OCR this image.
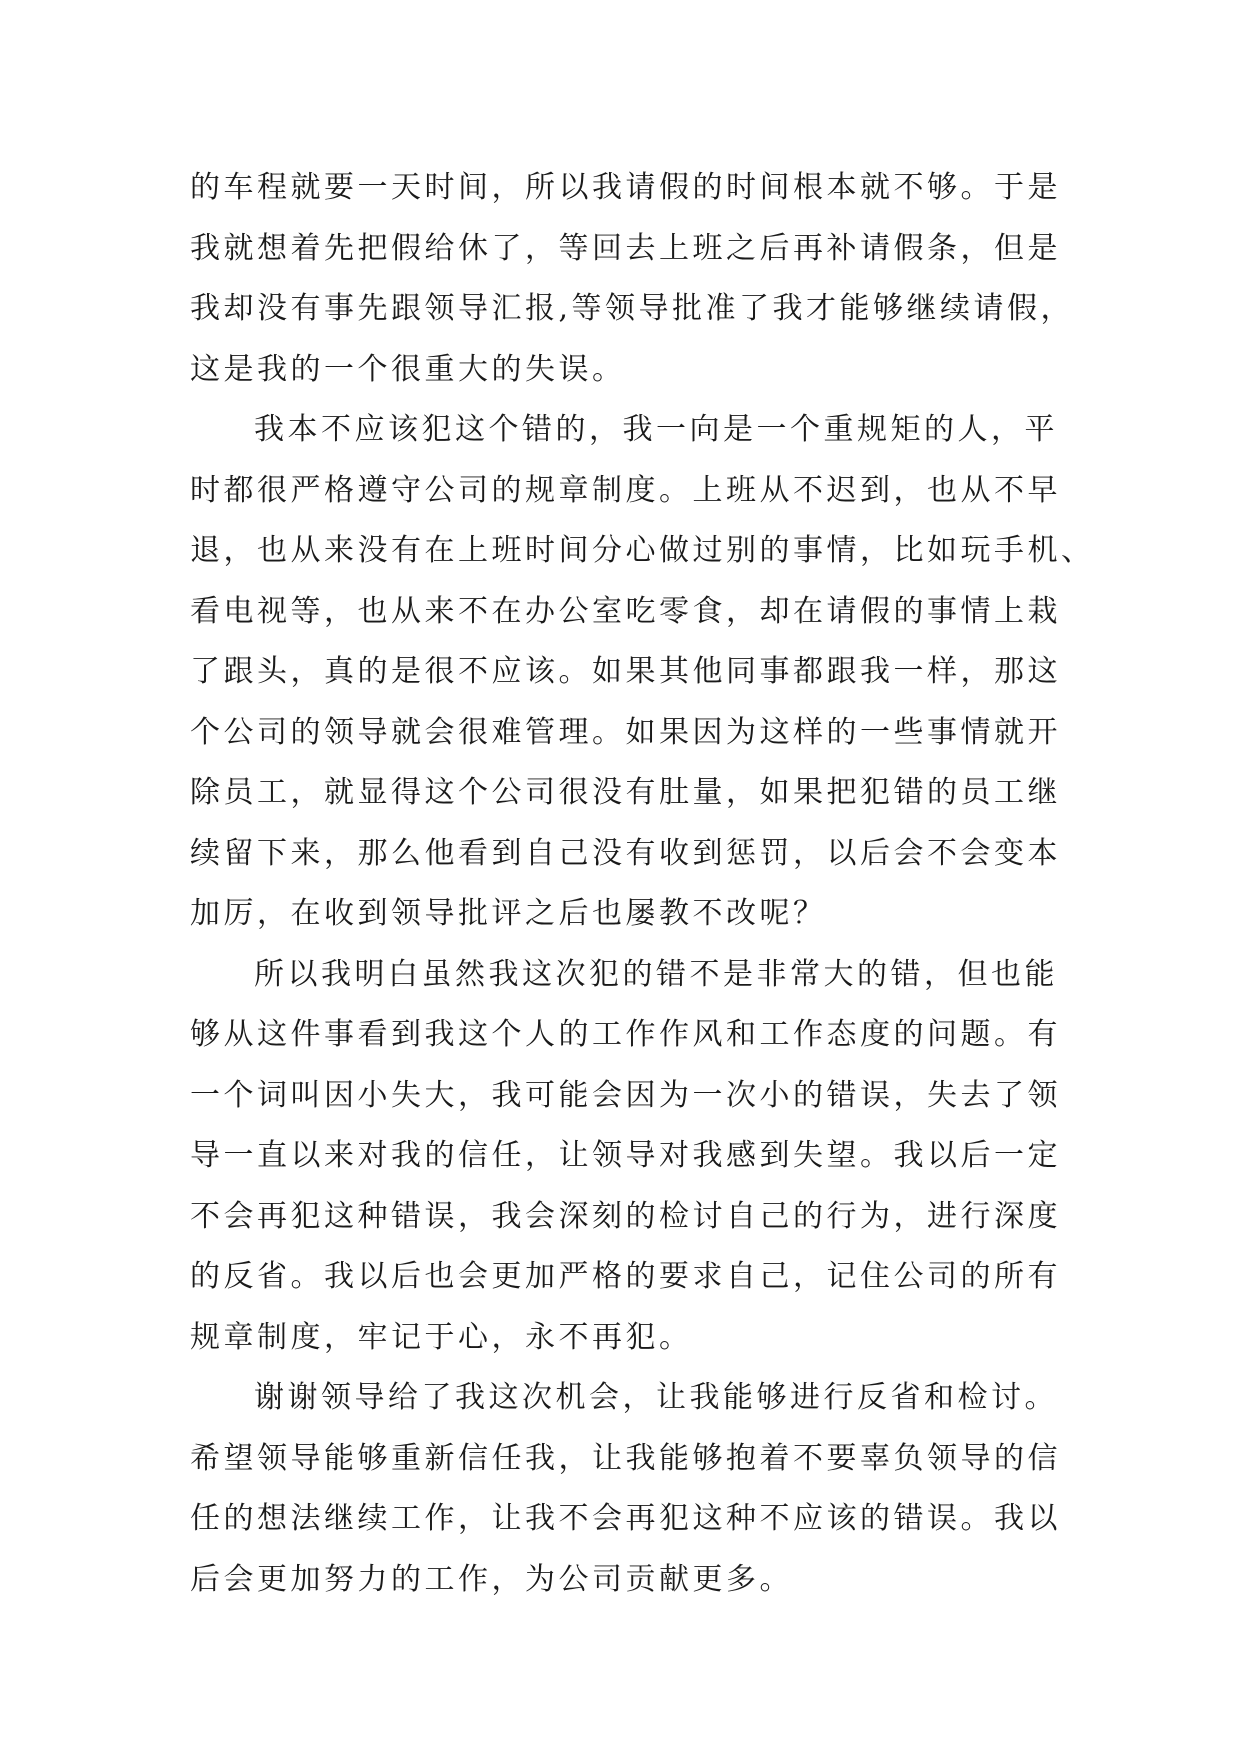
的车程就要一天时间，所以我请假的时间根本就不够。于是
我就想着先把假给休了，等回去上班之后再补请假条，但是
我却没有事先跟领导汇报,等领导批准了我才能够继续请假，
这是我的一个很重大的失误。
我本不应该犯这个错的，我一向是一个重规矩的人，平
时都很严格遵守公司的规章制度。上班从不迟到，也从不早
退，也从来没有在上班时间分心做过别的事情，比如玩手机、
看电视等，也从来不在办公室吃零食，却在请假的事情上栽
了跟头，真的是很不应该。如果其他同事都跟我一样，那这
个公司的领导就会很难管理。如果因为这样的一些事情就开
除员工，就显得这个公司很没有肚量，如果把犯错的员工继
续留下来，那么他看到自己没有收到惩罚，以后会不会变本
加厉，在收到领导批评之后也屡教不改呢？
所以我明白虽然我这次犯的错不是非常大的错，但也能
够从这件事看到我这个人的工作作风和工作态度的问题。有
一个词叫因小失大，我可能会因为一次小的错误，失去了领
导一直以来对我的信任，让领导对我感到失望。我以后一定
不会再犯这种错误，我会深刻的检讨自己的行为，进行深度
的反省。我以后也会更加严格的要求自己，记住公司的所有
规章制度，牢记于心，永不再犯。
谢谢领导给了我这次机会，让我能够进行反省和检讨。
希望领导能够重新信任我，让我能够抱着不要辜负领导的信
任的想法继续工作，让我不会再犯这种不应该的错误。我以
后会更加努力的工作，为公司贡献更多。
